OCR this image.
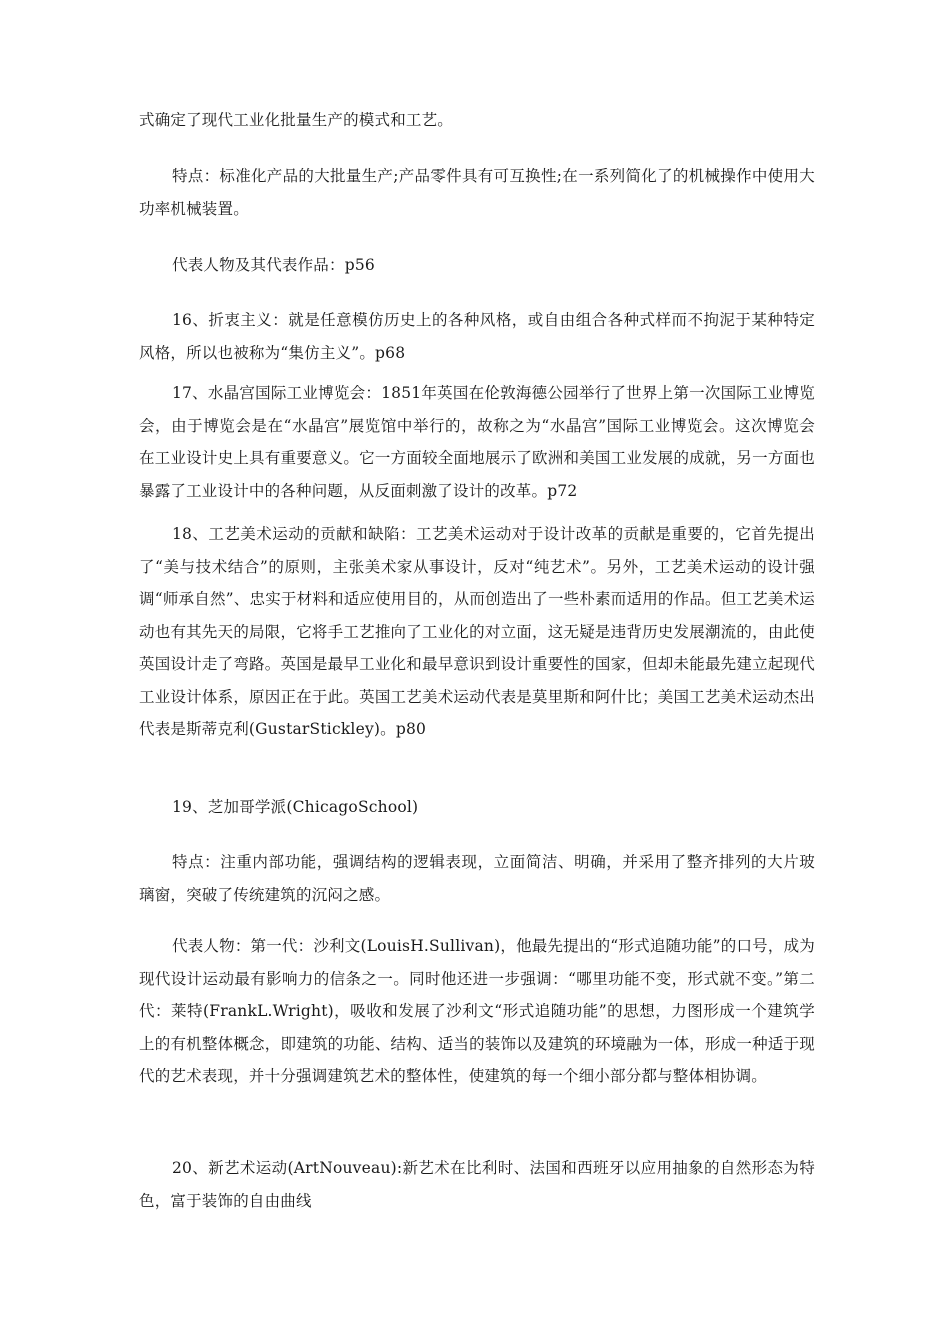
式确定了现代工业化批量生产的模式和工艺。

特点：标准化产品的大批量生产;产品零件具有可互换性;在一系列简化了的机械操作中使用大功率机械装置。

代表人物及其代表作品：p56

16、折衷主义：就是任意模仿历史上的各种风格，或自由组合各种式样而不拘泥于某种特定风格，所以也被称为“集仿主义”。p68

17、水晶宫国际工业博览会：1851年英国在伦敦海德公园举行了世界上第一次国际工业博览会，由于博览会是在“水晶宫”展览馆中举行的，故称之为“水晶宫”国际工业博览会。这次博览会在工业设计史上具有重要意义。它一方面较全面地展示了欧洲和美国工业发展的成就，另一方面也暴露了工业设计中的各种问题，从反面刺激了设计的改革。p72

18、工艺美术运动的贡献和缺陷：工艺美术运动对于设计改革的贡献是重要的，它首先提出了“美与技术结合”的原则，主张美术家从事设计，反对“纯艺术”。另外，工艺美术运动的设计强调“师承自然”、忠实于材料和适应使用目的，从而创造出了一些朴素而适用的作品。但工艺美术运动也有其先天的局限，它将手工艺推向了工业化的对立面，这无疑是违背历史发展潮流的，由此使英国设计走了弯路。英国是最早工业化和最早意识到设计重要性的国家，但却未能最先建立起现代工业设计体系，原因正在于此。英国工艺美术运动代表是莫里斯和阿什比；美国工艺美术运动杰出代表是斯蒂克利(GustarStickley)。p80

19、芝加哥学派(ChicagoSchool)

特点：注重内部功能，强调结构的逻辑表现，立面简洁、明确，并采用了整齐排列的大片玻璃窗，突破了传统建筑的沉闷之感。

代表人物：第一代：沙利文(LouisH.Sullivan)，他最先提出的“形式追随功能”的口号，成为现代设计运动最有影响力的信条之一。同时他还进一步强调：“哪里功能不变，形式就不变。”第二代：莱特(FrankL.Wright)，吸收和发展了沙利文“形式追随功能”的思想，力图形成一个建筑学上的有机整体概念，即建筑的功能、结构、适当的装饰以及建筑的环境融为一体，形成一种适于现代的艺术表现，并十分强调建筑艺术的整体性，使建筑的每一个细小部分都与整体相协调。

20、新艺术运动(ArtNouveau):新艺术在比利时、法国和西班牙以应用抽象的自然形态为特色，富于装饰的自由曲线
